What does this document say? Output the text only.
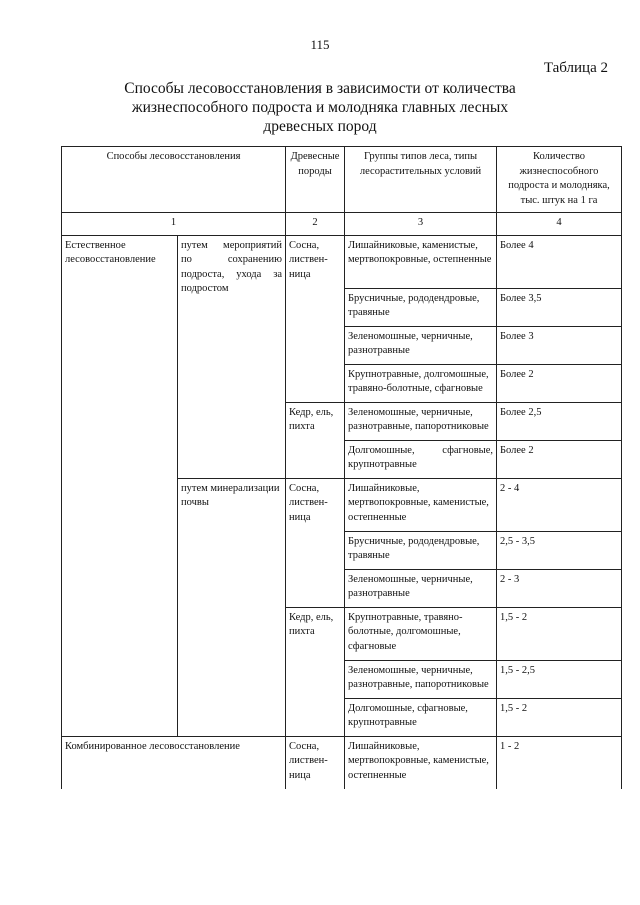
115
Таблица 2
Способы лесовосстановления в зависимости от количества жизнеспособного подроста и молодняка главных лесных древесных пород
Способы лесовосстановления		Древесные породы	Группы типов леса, типы лесорастительных условий	Количество жизнеспособного подроста и молодняка, тыс. штук на 1 га
1		2	3	4
Естественное лесовосстановление	путем мероприятий по сохранению подроста, ухода за подростом	Сосна, листвен-ница	Лишайниковые, каменистые, мертвопокровные, остепненные	Более 4
			Брусничные, рододендровые, травяные	Более 3,5
			Зеленомошные, черничные, разнотравные	Более 3
			Крупнотравные, долгомошные, травяно-болотные, сфагновые	Более 2
		Кедр, ель, пихта	Зеленомошные, черничные, разнотравные, папоротниковые	Более 2,5
			Долгомошные, сфагновые, крупнотравные	Более 2
	путем минерализации почвы	Сосна, листвен-ница	Лишайниковые, мертвопокровные, каменистые, остепненные	2 - 4
			Брусничные, рододендровые, травяные	2,5 - 3,5
			Зеленомошные, черничные, разнотравные	2 - 3
		Кедр, ель, пихта	Крупнотравные, травяно-болотные, долгомошные, сфагновые	1,5 - 2
			Зеленомошные, черничные, разнотравные, папоротниковые	1,5 - 2,5
			Долгомошные, сфагновые, крупнотравные	1,5 - 2
Комбинированное лесовосстановление		Сосна, листвен-ница	Лишайниковые, мертвопокровные, каменистые, остепненные	1 - 2
